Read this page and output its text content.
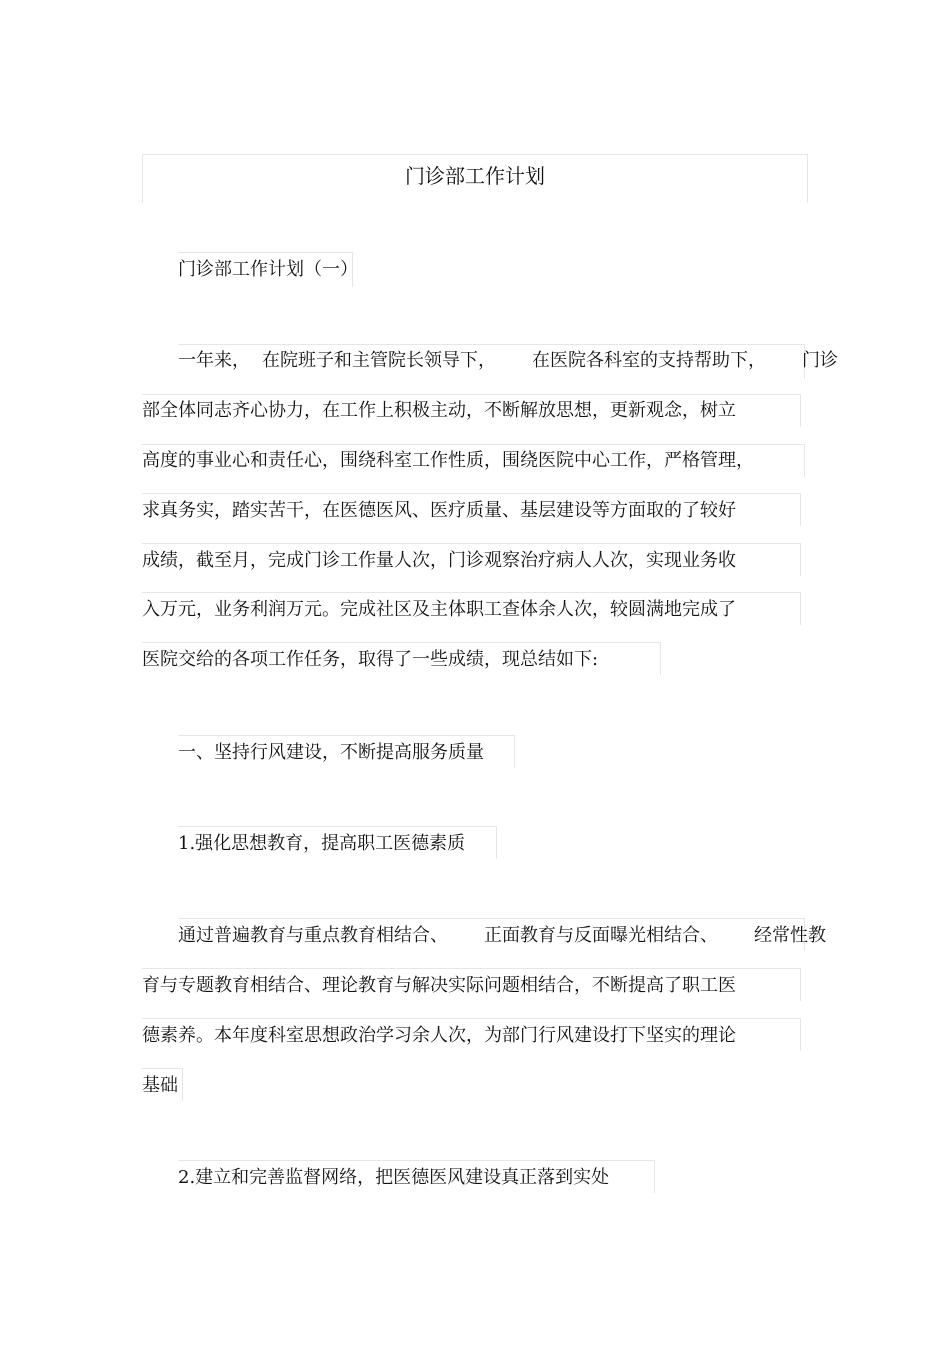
门诊部工作计划
门诊部工作计划（一）
一年来， 在院班子和主管院长领导下， 在医院各科室的支持帮助下， 门诊
部全体同志齐心协力，在工作上积极主动，不断解放思想，更新观念，树立
高度的事业心和责任心，围绕科室工作性质，围绕医院中心工作，严格管理，
求真务实，踏实苦干，在医德医风、医疗质量、基层建设等方面取的了较好
成绩，截至月，完成门诊工作量人次，门诊观察治疗病人人次，实现业务收
入万元，业务利润万元。完成社区及主体职工查体余人次，较圆满地完成了
医院交给的各项工作任务，取得了一些成绩，现总结如下:
一、坚持行风建设，不断提高服务质量
1.强化思想教育，提高职工医德素质
通过普遍教育与重点教育相结合、 正面教育与反面曝光相结合、 经常性教
育与专题教育相结合、理论教育与解决实际问题相结合，不断提高了职工医
德素养。本年度科室思想政治学习余人次，为部门行风建设打下坚实的理论
基础
2.建立和完善监督网络，把医德医风建设真正落到实处
